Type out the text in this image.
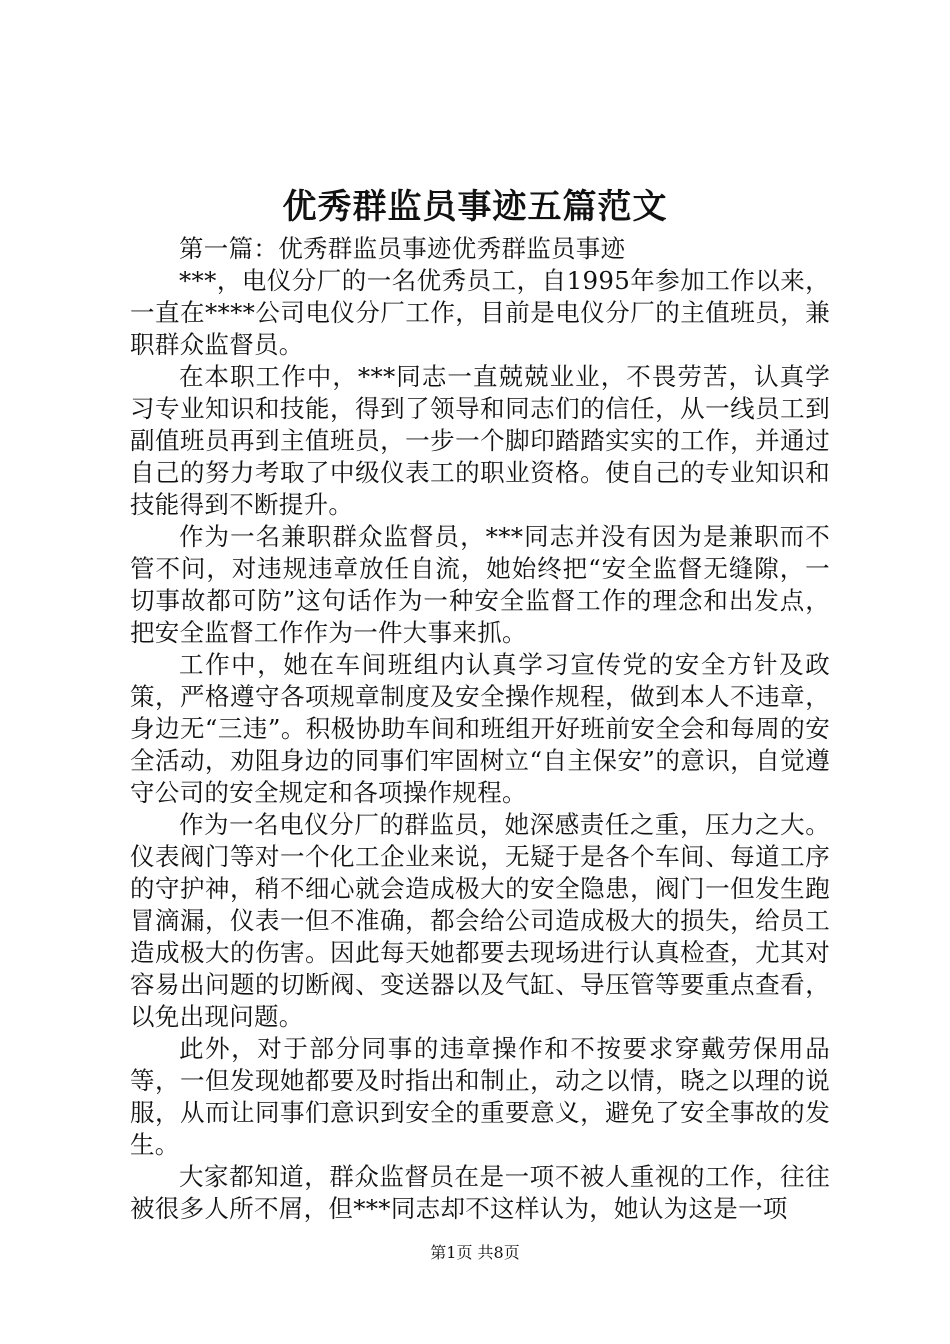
优秀群监员事迹五篇范文

第一篇：优秀群监员事迹优秀群监员事迹

***，电仪分厂的一名优秀员工，自1995年参加工作以来，一直在****公司电仪分厂工作，目前是电仪分厂的主值班员，兼职群众监督员。

在本职工作中，***同志一直兢兢业业，不畏劳苦，认真学习专业知识和技能，得到了领导和同志们的信任，从一线员工到副值班员再到主值班员，一步一个脚印踏踏实实的工作，并通过自己的努力考取了中级仪表工的职业资格。使自己的专业知识和技能得到不断提升。

作为一名兼职群众监督员，***同志并没有因为是兼职而不管不问，对违规违章放任自流，她始终把“安全监督无缝隙，一切事故都可防”这句话作为一种安全监督工作的理念和出发点，把安全监督工作作为一件大事来抓。

工作中，她在车间班组内认真学习宣传党的安全方针及政策，严格遵守各项规章制度及安全操作规程，做到本人不违章，身边无“三违”。积极协助车间和班组开好班前安全会和每周的安全活动，劝阻身边的同事们牢固树立“自主保安”的意识，自觉遵守公司的安全规定和各项操作规程。

作为一名电仪分厂的群监员，她深感责任之重，压力之大。仪表阀门等对一个化工企业来说，无疑于是各个车间、每道工序的守护神，稍不细心就会造成极大的安全隐患，阀门一但发生跑冒滴漏，仪表一但不准确，都会给公司造成极大的损失，给员工造成极大的伤害。因此每天她都要去现场进行认真检查，尤其对容易出问题的切断阀、变送器以及气缸、导压管等要重点查看，以免出现问题。

此外，对于部分同事的违章操作和不按要求穿戴劳保用品等，一但发现她都要及时指出和制止，动之以情，晓之以理的说服，从而让同事们意识到安全的重要意义，避免了安全事故的发生。

大家都知道，群众监督员在是一项不被人重视的工作，往往被很多人所不屑，但***同志却不这样认为，她认为这是一项

第1页 共8页
